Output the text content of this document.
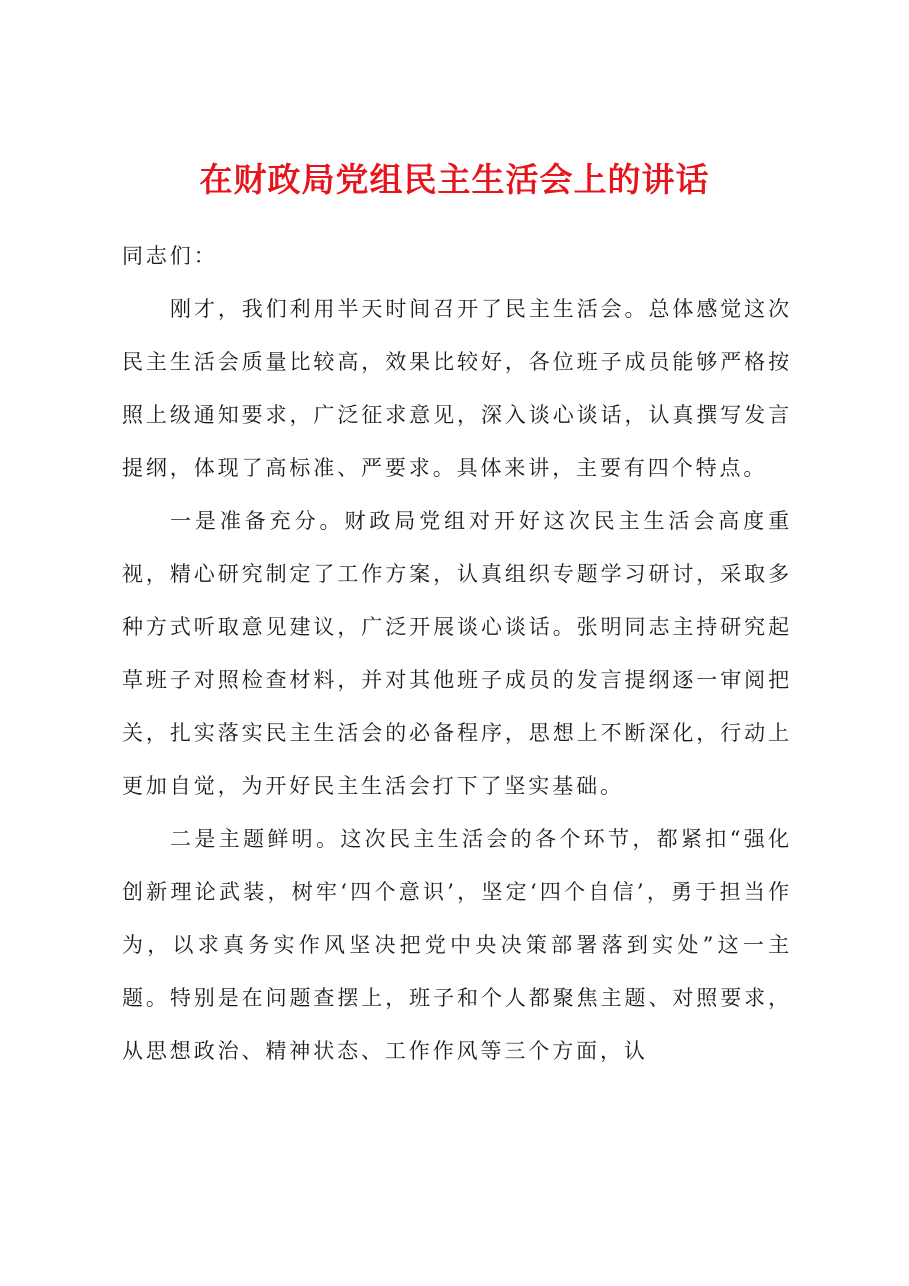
在财政局党组民主生活会上的讲话

同志们：

刚才，我们利用半天时间召开了民主生活会。总体感觉这次民主生活会质量比较高，效果比较好，各位班子成员能够严格按照上级通知要求，广泛征求意见，深入谈心谈话，认真撰写发言提纲，体现了高标准、严要求。具体来讲，主要有四个特点。

一是准备充分。财政局党组对开好这次民主生活会高度重视，精心研究制定了工作方案，认真组织专题学习研讨，采取多种方式听取意见建议，广泛开展谈心谈话。张明同志主持研究起草班子对照检查材料，并对其他班子成员的发言提纲逐一审阅把关，扎实落实民主生活会的必备程序，思想上不断深化，行动上更加自觉，为开好民主生活会打下了坚实基础。

二是主题鲜明。这次民主生活会的各个环节，都紧扣“强化创新理论武装，树牢‘四个意识’，坚定‘四个自信’，勇于担当作为，以求真务实作风坚决把党中央决策部署落到实处”这一主题。特别是在问题查摆上，班子和个人都聚焦主题、对照要求，从思想政治、精神状态、工作作风等三个方面，认
